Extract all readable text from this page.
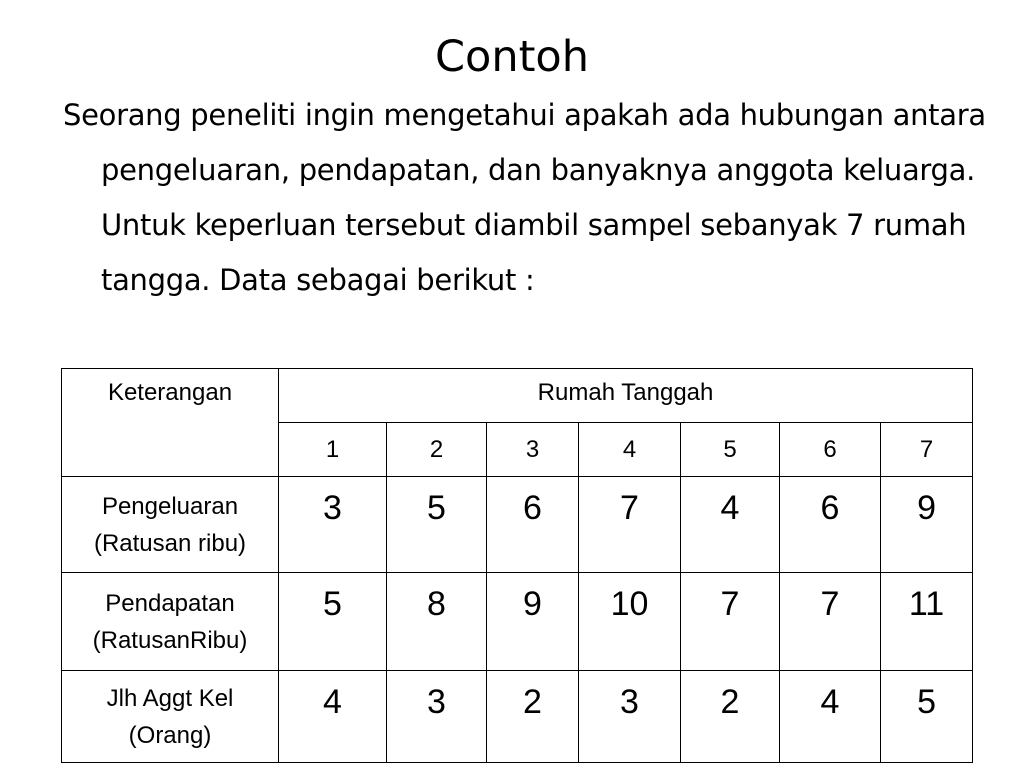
Contoh

Seorang peneliti ingin mengetahui apakah ada hubungan antara pengeluaran, pendapatan, dan banyaknya anggota keluarga. Untuk keperluan tersebut diambil sampel sebanyak 7 rumah tangga. Data sebagai berikut :

Keterangan	Rumah Tanggah						
	1	2	3	4	5	6	7

Pengeluaran
(Ratusan ribu)	3	5	6	7	4	6	9

Pendapatan
(RatusanRibu)	5	8	9	10	7	7	11

Jlh Aggt Kel
(Orang)	4	3	2	3	2	4	5
